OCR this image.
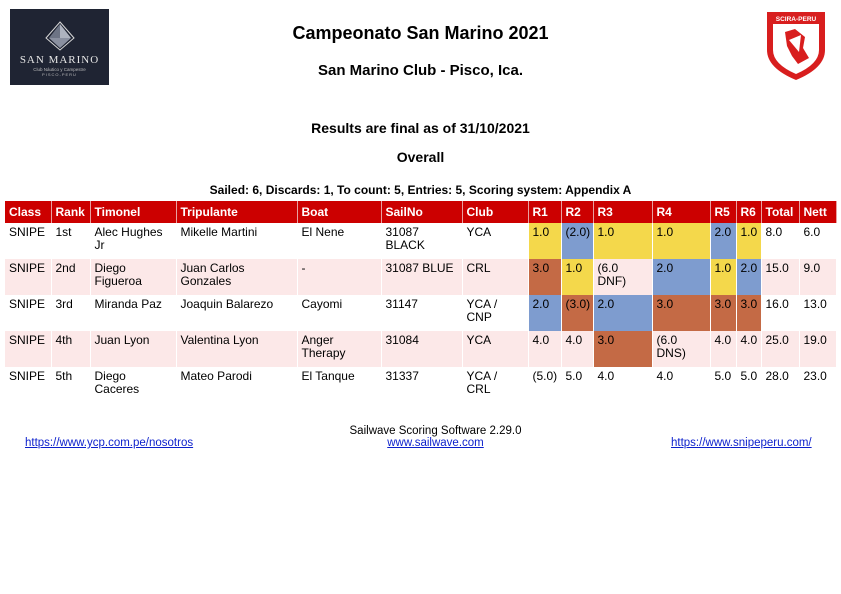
SAN MARINO
Club Náutico y Campestre
PISCO-PERU
SCIRA-PERU
Campeonato San Marino 2021
San Marino Club - Pisco, Ica.
Results are final as of 31/10/2021
Overall
Sailed: 6, Discards: 1, To count: 5, Entries: 5, Scoring system: Appendix A
Class	Rank	Timonel	Tripulante	Boat	SailNo	Club	R1	R2	R3	R4	R5	R6	Total	Nett
SNIPE	1st	Alec Hughes Jr	Mikelle Martini	El Nene	31087 BLACK	YCA	1.0	(2.0)	1.0	1.0	2.0	1.0	8.0	6.0
SNIPE	2nd	Diego Figueroa	Juan Carlos Gonzales	-	31087 BLUE	CRL	3.0	1.0	(6.0 DNF)	2.0	1.0	2.0	15.0	9.0
SNIPE	3rd	Miranda Paz	Joaquin Balarezo	Cayomi	31147	YCA / CNP	2.0	(3.0)	2.0	3.0	3.0	3.0	16.0	13.0
SNIPE	4th	Juan Lyon	Valentina Lyon	Anger Therapy	31084	YCA	4.0	4.0	3.0	(6.0 DNS)	4.0	4.0	25.0	19.0
SNIPE	5th	Diego Caceres	Mateo Parodi	El Tanque	31337	YCA / CRL	(5.0)	5.0	4.0	4.0	5.0	5.0	28.0	23.0
https://www.ycp.com.pe/nosotros
Sailwave Scoring Software 2.29.0
www.sailwave.com	https://www.snipeperu.com/
